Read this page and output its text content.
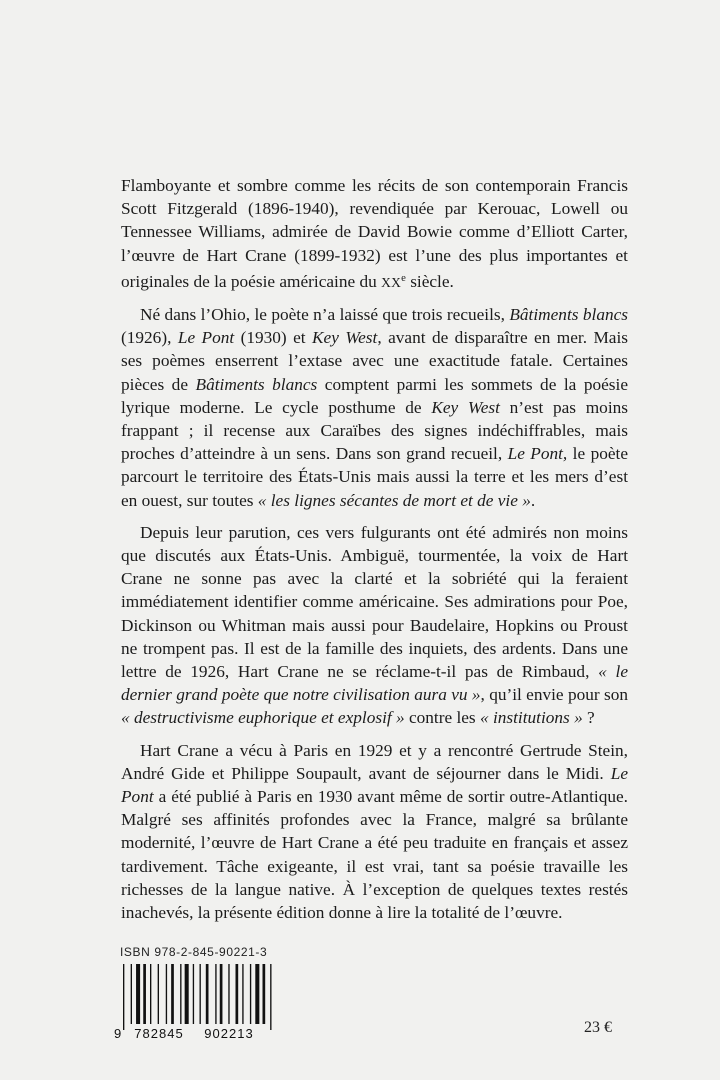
Flamboyante et sombre comme les récits de son contemporain Francis Scott Fitzgerald (1896-1940), revendiquée par Kerouac, Lowell ou Tennessee Williams, admirée de David Bowie comme d’Elliott Carter, l’œuvre de Hart Crane (1899-1932) est l’une des plus importantes et originales de la poésie américaine du XXe siècle.

Né dans l’Ohio, le poète n’a laissé que trois recueils, Bâtiments blancs (1926), Le Pont (1930) et Key West, avant de disparaître en mer. Mais ses poèmes enserrent l’extase avec une exactitude fatale. Certaines pièces de Bâtiments blancs comptent parmi les sommets de la poésie lyrique moderne. Le cycle posthume de Key West n’est pas moins frappant ; il recense aux Caraïbes des signes indéchiffrables, mais proches d’atteindre à un sens. Dans son grand recueil, Le Pont, le poète parcourt le territoire des États-Unis mais aussi la terre et les mers d’est en ouest, sur toutes « les lignes sécantes de mort et de vie ».

Depuis leur parution, ces vers fulgurants ont été admirés non moins que discutés aux États-Unis. Ambiguë, tourmentée, la voix de Hart Crane ne sonne pas avec la clarté et la sobriété qui la feraient immédiatement identifier comme américaine. Ses admirations pour Poe, Dickinson ou Whitman mais aussi pour Baudelaire, Hopkins ou Proust ne trompent pas. Il est de la famille des inquiets, des ardents. Dans une lettre de 1926, Hart Crane ne se réclame-t-il pas de Rimbaud, « le dernier grand poète que notre civilisation aura vu », qu’il envie pour son « destructivisme euphorique et explosif » contre les « institutions » ?

Hart Crane a vécu à Paris en 1929 et y a rencontré Gertrude Stein, André Gide et Philippe Soupault, avant de séjourner dans le Midi. Le Pont a été publié à Paris en 1930 avant même de sortir outre-Atlantique. Malgré ses affinités profondes avec la France, malgré sa brûlante modernité, l’œuvre de Hart Crane a été peu traduite en français et assez tardivement. Tâche exigeante, il est vrai, tant sa poésie travaille les richesses de la langue native. À l’exception de quelques textes restés inachevés, la présente édition donne à lire la totalité de l’œuvre.

ISBN 978-2-845-90221-3
9 782845 902213	23 €
